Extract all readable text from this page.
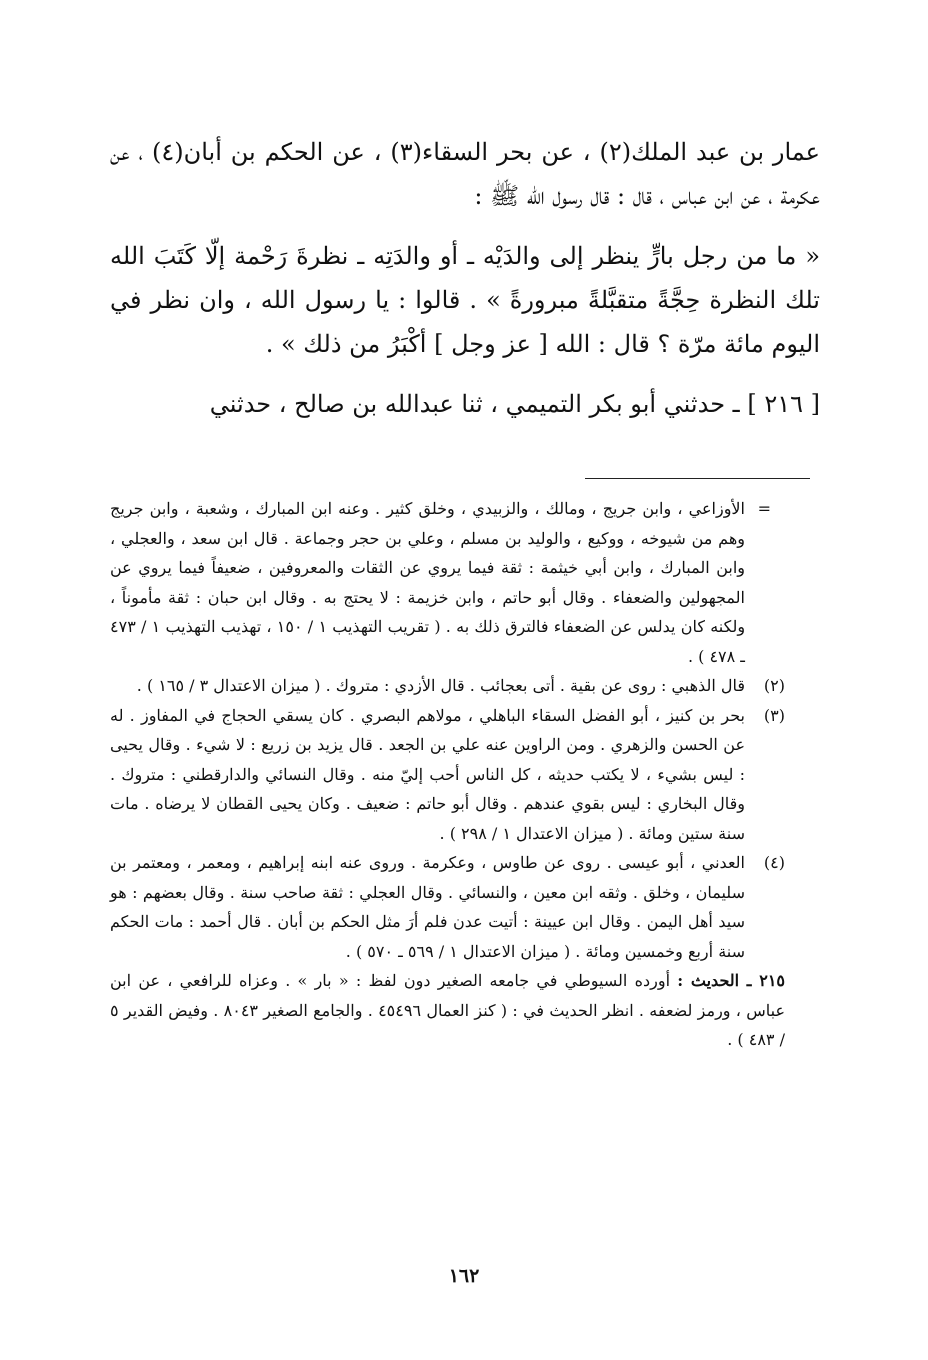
عمار بن عبد الملك(٢) ، عن بحر السقاء(٣) ، عن الحكم بن أبان(٤) ، عن عكرمة ، عن ابن عباس ، قال : قال رسول الله ﷺ :

« ما من رجل بارٍّ ينظر إلى والدَيْه ـ أو والدَتِه ـ نظرةَ رَحْمة إلّا كَتَبَ الله تلك النظرة حِجَّةً متقبَّلةً مبرورةً » . قالوا : يا رسول الله ، وان نظر في اليوم مائة مرّة ؟ قال : الله [ عز وجل ] أكْبَرُ من ذلك » .

[ ٢١٦ ] ـ حدثني أبو بكر التميمي ، ثنا عبدالله بن صالح ، حدثني

=
الأوزاعي ، وابن جريج ، ومالك ، والزبيدي ، وخلق كثير . وعنه ابن المبارك ، وشعبة ، وابن جريج وهم من شيوخه ، ووكيع ، والوليد بن مسلم ، وعلي بن حجر وجماعة . قال ابن سعد ، والعجلي ، وابن المبارك ، وابن أبي خيثمة : ثقة فيما يروي عن الثقات والمعروفين ، ضعيفاً فيما يروي عن المجهولين والضعفاء . وقال أبو حاتم ، وابن خزيمة : لا يحتج به . وقال ابن حبان : ثقة مأموناً ، ولكنه كان يدلس عن الضعفاء فالترق ذلك به . ( تقريب التهذيب ١ / ١٥٠ ، تهذيب التهذيب ١ / ٤٧٣ ـ ٤٧٨ ) .
(٢)
قال الذهبي : روى عن بقية . أتى بعجائب . قال الأزدي : متروك . ( ميزان الاعتدال ٣ / ١٦٥ ) .
(٣)
بحر بن كنيز ، أبو الفضل السقاء الباهلي ، مولاهم البصري . كان يسقي الحجاج في المفاوز . له عن الحسن والزهري . ومن الراوين عنه علي بن الجعد . قال يزيد بن زريع : لا شيء . وقال يحيى : ليس بشيء ، لا يكتب حديثه ، كل الناس أحب إليّ منه . وقال النسائي والدارقطني : متروك . وقال البخاري : ليس بقوي عندهم . وقال أبو حاتم : ضعيف . وكان يحيى القطان لا يرضاه . مات سنة ستين ومائة . ( ميزان الاعتدال ١ / ٢٩٨ ) .
(٤)
العدني ، أبو عيسى . روى عن طاوس ، وعكرمة . وروى عنه ابنه إبراهيم ، ومعمر ، ومعتمر بن سليمان ، وخلق . وثقه ابن معين ، والنسائي . وقال العجلي : ثقة صاحب سنة . وقال بعضهم : هو سيد أهل اليمن . وقال ابن عيينة : أتيت عدن فلم أرَ مثل الحكم بن أبان . قال أحمد : مات الحكم سنة أربع وخمسين ومائة . ( ميزان الاعتدال ١ / ٥٦٩ ـ ٥٧٠ ) .

٢١٥ ـ الحديث : أورده السيوطي في جامعه الصغير دون لفظ : « بار » . وعزاه للرافعي ، عن ابن عباس ، ورمز لضعفه . انظر الحديث في : ( كنز العمال ٤٥٤٩٦ . والجامع الصغير ٨٠٤٣ . وفيض القدير ٥ / ٤٨٣ ) .

١٦٢
